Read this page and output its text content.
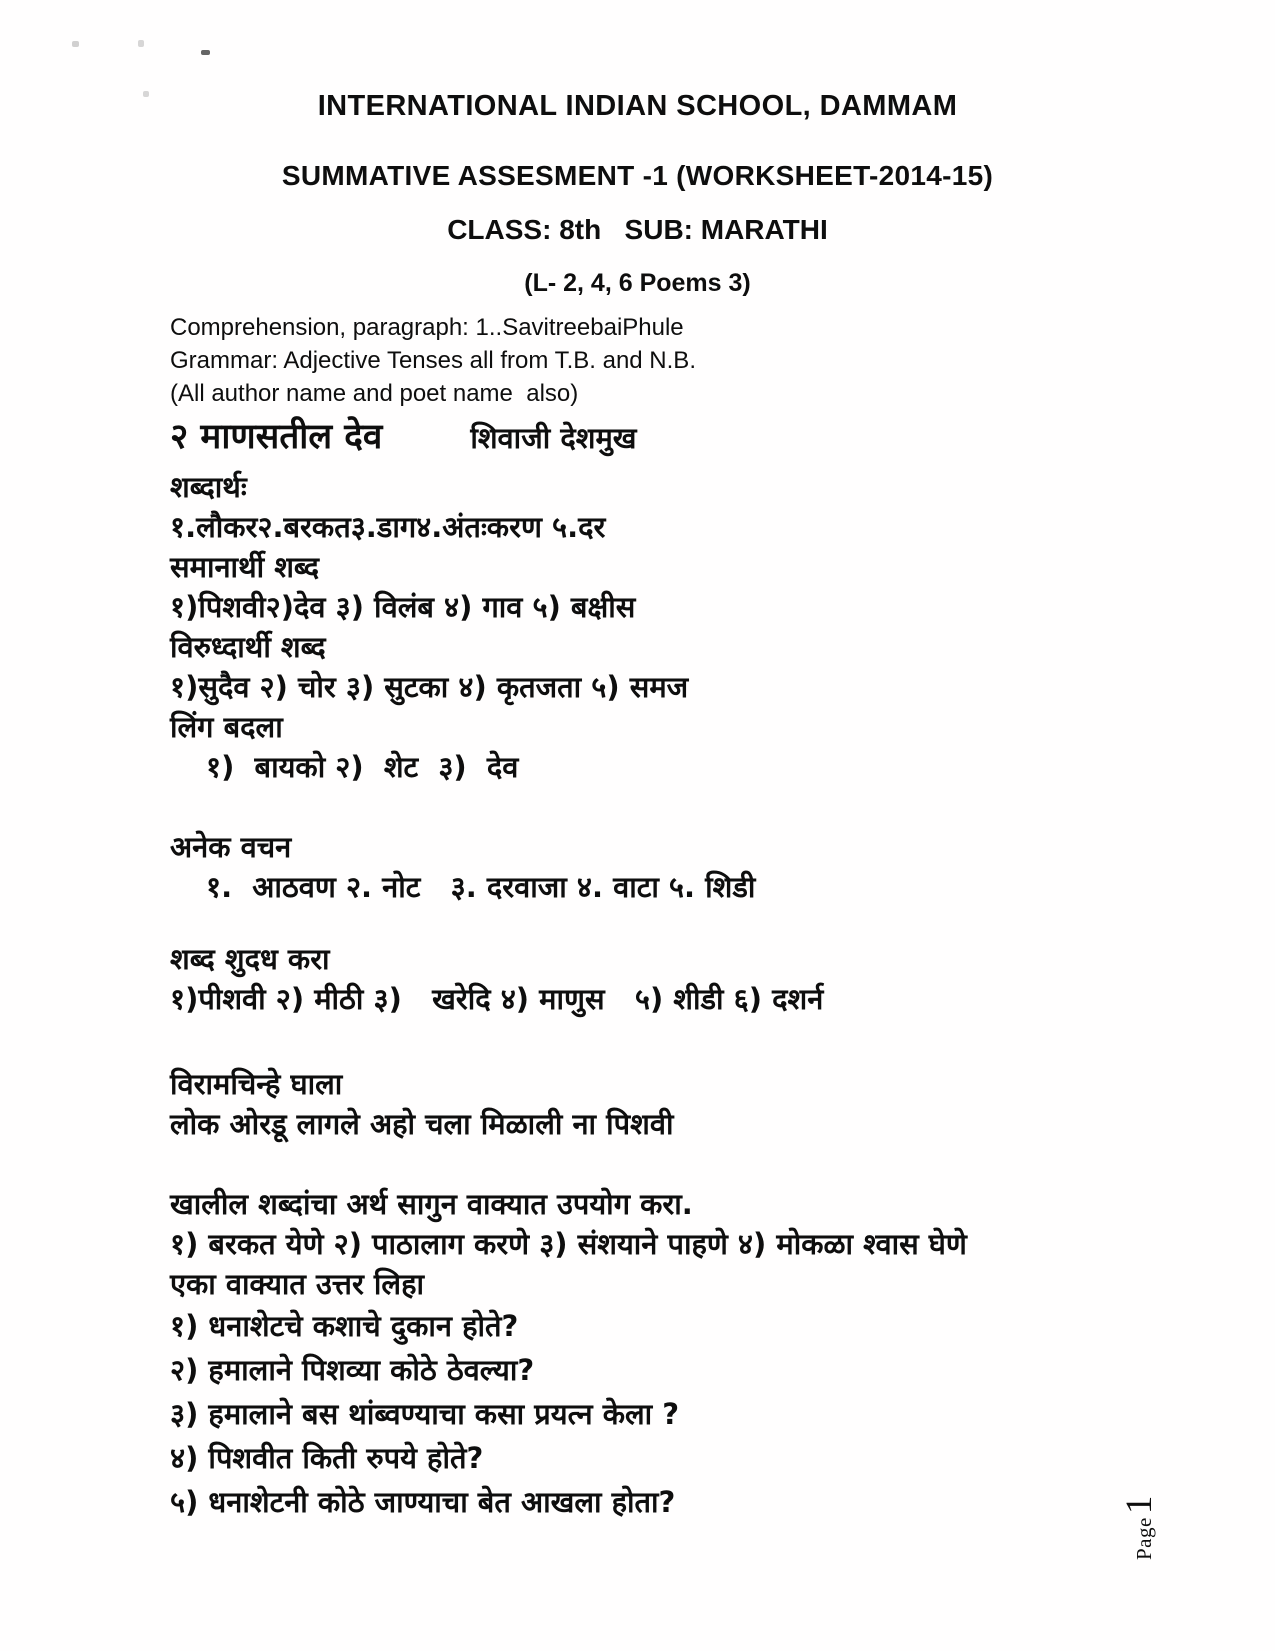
INTERNATIONAL INDIAN SCHOOL, DAMMAM
SUMMATIVE ASSESMENT -1 (WORKSHEET-2014-15)
CLASS: 8th   SUB: MARATHI
(L- 2, 4, 6 Poems 3)
Comprehension, paragraph: 1..SavitreebaiPhule
Grammar: Adjective Tenses all from T.B. and N.B.
(All author name and poet name  also)
२ माणसतील देव	शिवाजी देशमुख
शब्दार्थः
१.लौकर२.बरकत३.डाग४.अंतःकरण ५.दर
समानार्थी शब्द
१)पिशवी२)देव ३) विलंब ४) गाव ५) बक्षीस
विरुध्दार्थी शब्द
१)सुदैव २) चोर ३) सुटका ४) कृतजता ५) समज
लिंग बदला
१)  बायको २)  शेट  ३)  देव
अनेक वचन
१.  आठवण २. नोट   ३. दरवाजा ४. वाटा ५. शिडी
शब्द शुदध करा
१)पीशवी २) मीठी ३)   खरेदि ४) माणुस   ५) शीडी ६) दशर्न
विरामचिन्हे घाला
लोक ओरडू लागले अहो चला मिळाली ना पिशवी
खालील शब्दांचा अर्थ सागुन वाक्यात उपयोग करा.
१) बरकत येणे २) पाठालाग करणे ३) संशयाने पाहणे ४) मोकळा श्वास घेणे
एका वाक्यात उत्तर लिहा
१) धनाशेटचे कशाचे दुकान होते?
२) हमालाने पिशव्या कोठे ठेवल्या?
३) हमालाने बस थांब्वण्याचा कसा प्रयत्न केला ?
४) पिशवीत किती रुपये होते?
५) धनाशेटनी कोठे जाण्याचा बेत आखला होता?
Page1
